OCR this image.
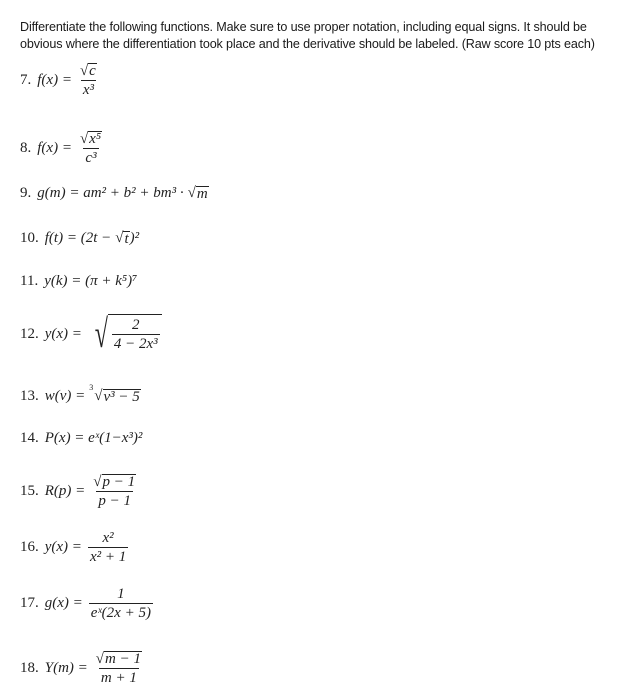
Differentiate the following functions. Make sure to use proper notation, including equal signs. It should be
obvious where the differentiation took place and the derivative should be labeled. (Raw score 10 pts each)
7. $f(x) = \frac{√ c}{\text{x³}}$
8. $f(x) = \frac{\text{√ x⁵}}{\text{c³}}$
9. g(m) = am² + b² + bm³ · √ m
10. f(t) = (2t − √ t )²
11. y(k) = (π + k⁵)⁷
12. y(x) = √ $\frac{2}{\text{4 − 2x³}}$
13. w(v) = 3 √ v³ − 5
14. P(x) = eˣ(1−x³)²
15. $R(p) = \frac{√ p - 1}{p - 1}$
16. $y(x) = \frac{\text{x²}}{\text{x² + 1}}$
17. $g(x) = \frac{1}{\text{eˣ(2x + 5)}}$
18. $Y(m) = \frac{√ m - 1}{m + 1}$
